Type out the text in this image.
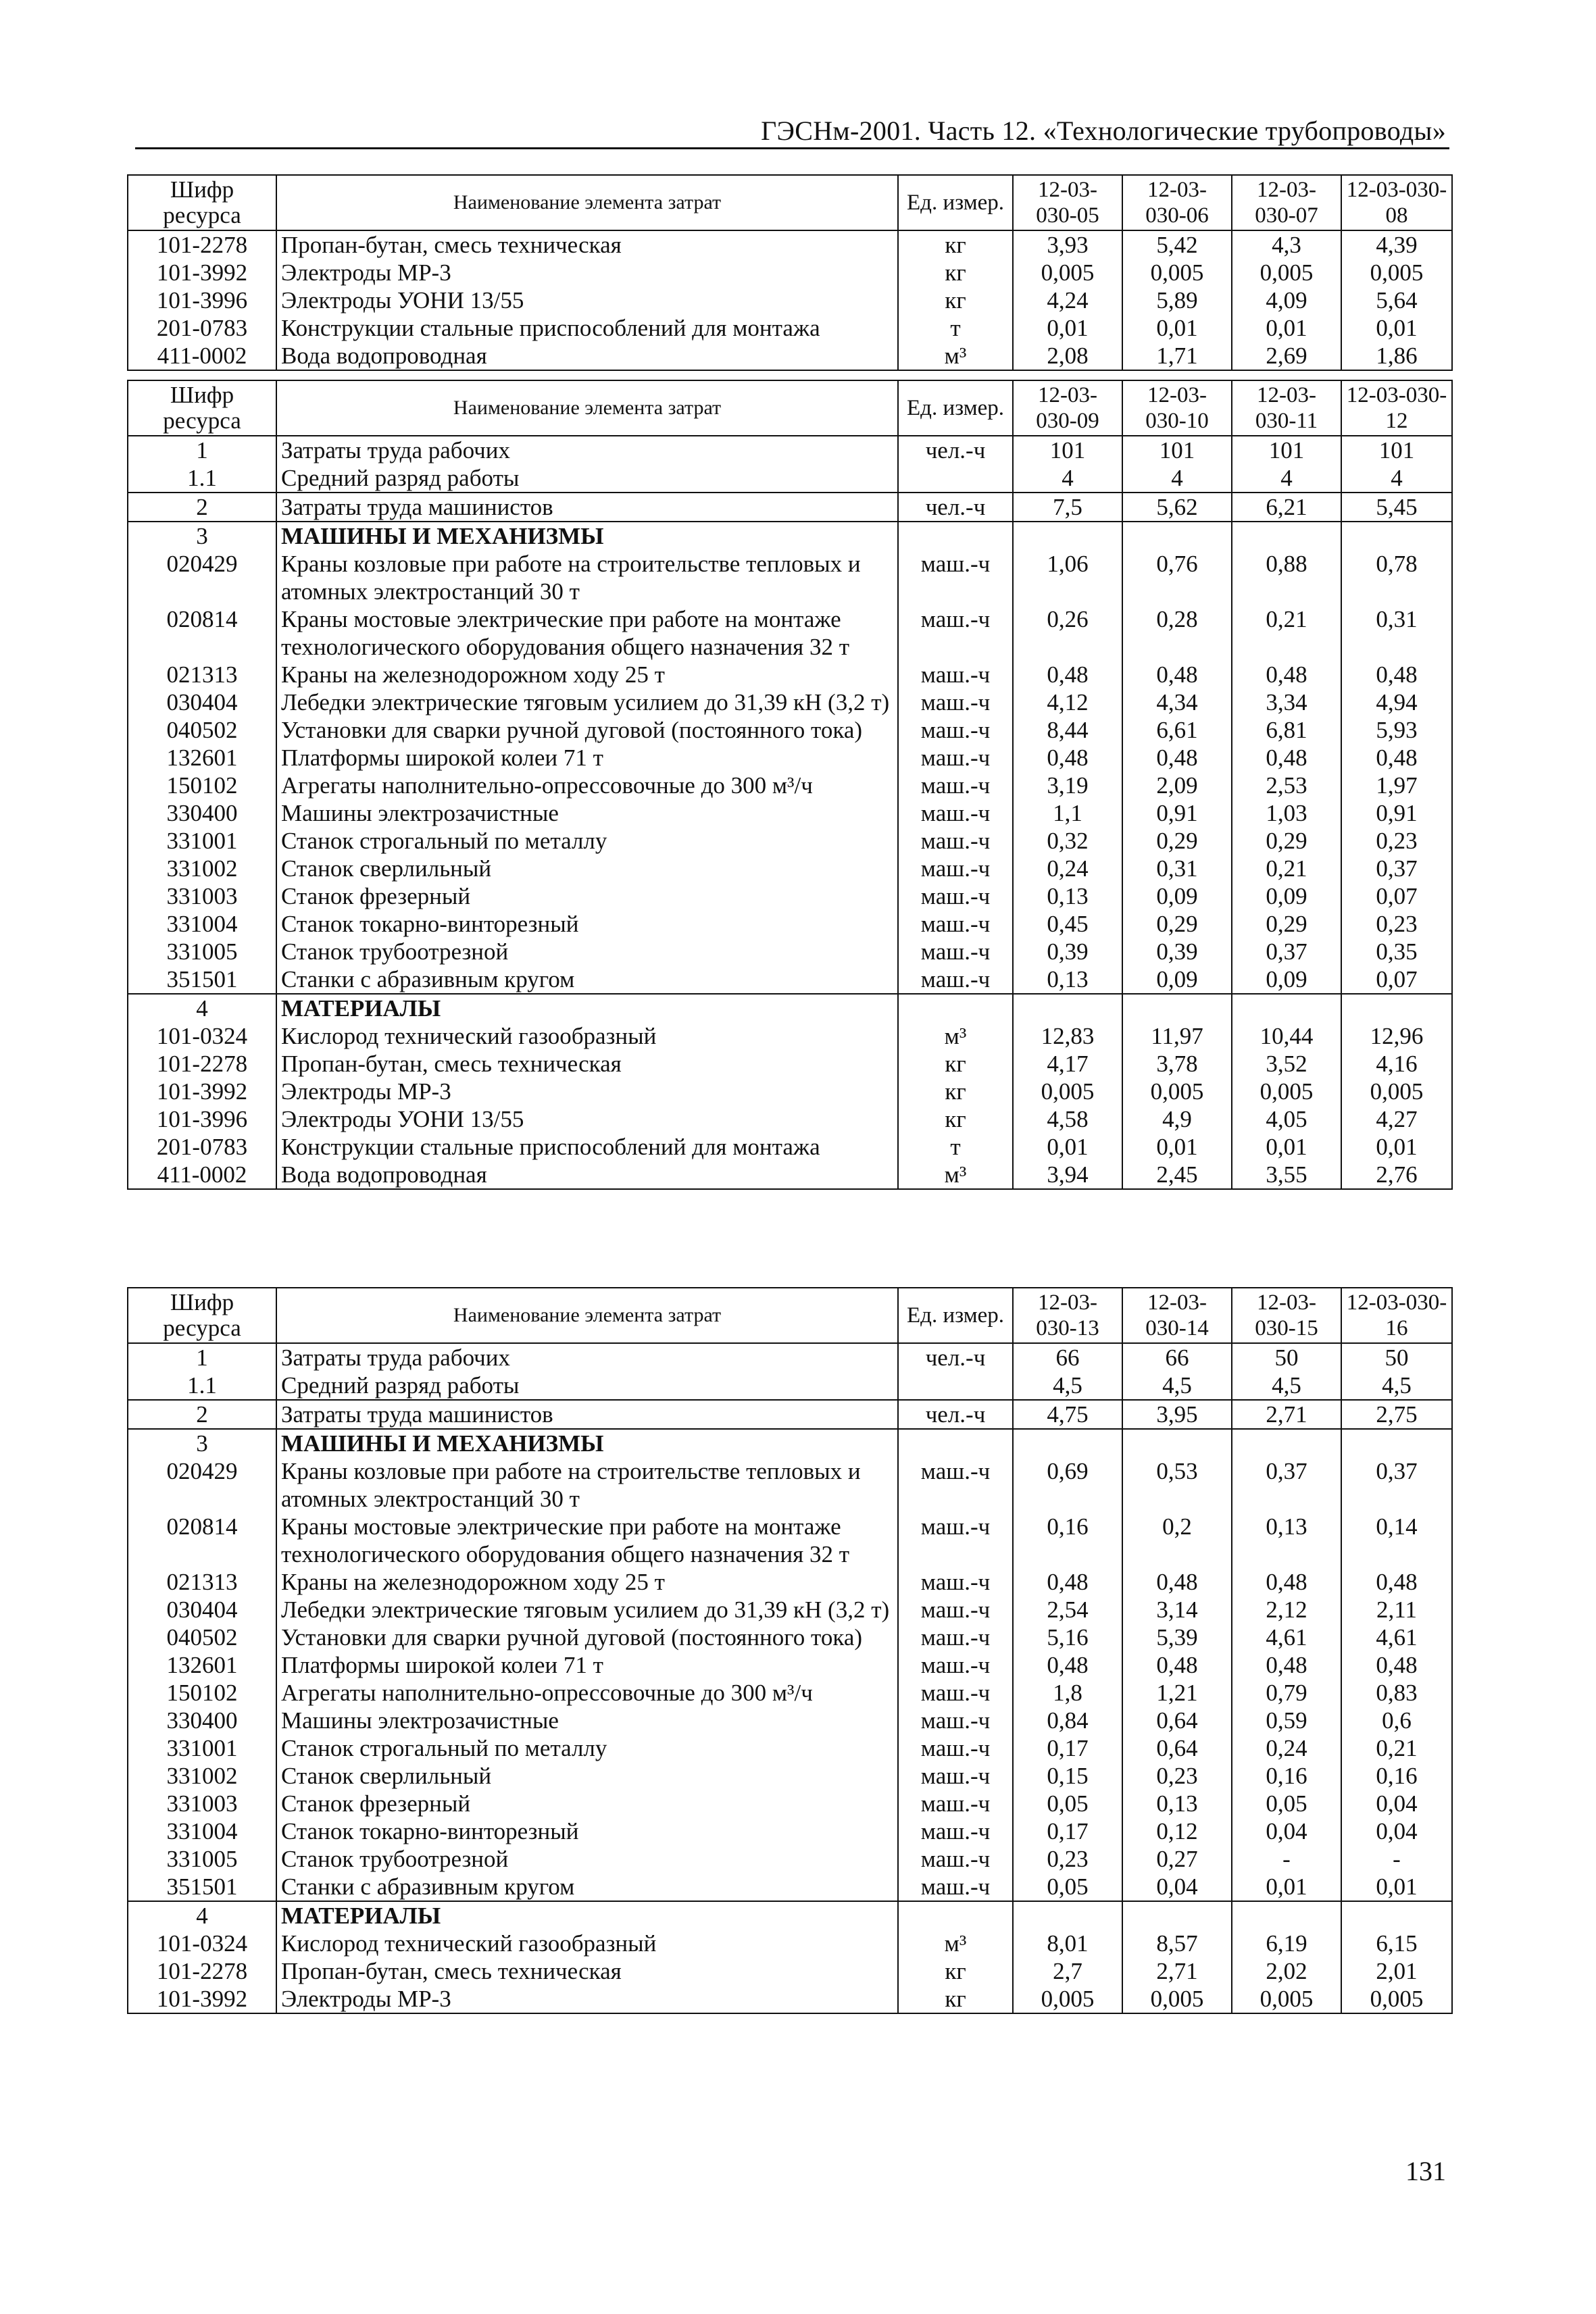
ГЭСНм-2001. Часть 12. «Технологические трубопроводы»
Шифр ресурса	Наименование элемента затрат	Ед. измер.	12-03-030-05	12-03-030-06	12-03-030-07	12-03-030-08
101-2278	Пропан-бутан, смесь техническая	кг	3,93	5,42	4,3	4,39
101-3992	Электроды МР-3	кг	0,005	0,005	0,005	0,005
101-3996	Электроды УОНИ 13/55	кг	4,24	5,89	4,09	5,64
201-0783	Конструкции стальные приспособлений для монтажа	т	0,01	0,01	0,01	0,01
411-0002	Вода водопроводная	м³	2,08	1,71	2,69	1,86
Шифр ресурса	Наименование элемента затрат	Ед. измер.	12-03-030-09	12-03-030-10	12-03-030-11	12-03-030-12
1	Затраты труда рабочих	чел.-ч	101	101	101	101
1.1	Средний разряд работы		4	4	4	4
2	Затраты труда машинистов	чел.-ч	7,5	5,62	6,21	5,45
3	МАШИНЫ И МЕХАНИЗМЫ					
020429	Краны козловые при работе на строительстве тепловых и атомных электростанций 30 т	маш.-ч	1,06	0,76	0,88	0,78
020814	Краны мостовые электрические при работе на монтаже технологического оборудования общего назначения 32 т	маш.-ч	0,26	0,28	0,21	0,31
021313	Краны на железнодорожном ходу 25 т	маш.-ч	0,48	0,48	0,48	0,48
030404	Лебедки электрические тяговым усилием до 31,39 кН (3,2 т)	маш.-ч	4,12	4,34	3,34	4,94
040502	Установки для сварки ручной дуговой (постоянного тока)	маш.-ч	8,44	6,61	6,81	5,93
132601	Платформы широкой колеи 71 т	маш.-ч	0,48	0,48	0,48	0,48
150102	Агрегаты наполнительно-опрессовочные до 300 м³/ч	маш.-ч	3,19	2,09	2,53	1,97
330400	Машины электрозачистные	маш.-ч	1,1	0,91	1,03	0,91
331001	Станок строгальный по металлу	маш.-ч	0,32	0,29	0,29	0,23
331002	Станок сверлильный	маш.-ч	0,24	0,31	0,21	0,37
331003	Станок фрезерный	маш.-ч	0,13	0,09	0,09	0,07
331004	Станок токарно-винторезный	маш.-ч	0,45	0,29	0,29	0,23
331005	Станок трубоотрезной	маш.-ч	0,39	0,39	0,37	0,35
351501	Станки с абразивным кругом	маш.-ч	0,13	0,09	0,09	0,07
4	МАТЕРИАЛЫ					
101-0324	Кислород технический газообразный	м³	12,83	11,97	10,44	12,96
101-2278	Пропан-бутан, смесь техническая	кг	4,17	3,78	3,52	4,16
101-3992	Электроды МР-3	кг	0,005	0,005	0,005	0,005
101-3996	Электроды УОНИ 13/55	кг	4,58	4,9	4,05	4,27
201-0783	Конструкции стальные приспособлений для монтажа	т	0,01	0,01	0,01	0,01
411-0002	Вода водопроводная	м³	3,94	2,45	3,55	2,76
Шифр ресурса	Наименование элемента затрат	Ед. измер.	12-03-030-13	12-03-030-14	12-03-030-15	12-03-030-16
1	Затраты труда рабочих	чел.-ч	66	66	50	50
1.1	Средний разряд работы		4,5	4,5	4,5	4,5
2	Затраты труда машинистов	чел.-ч	4,75	3,95	2,71	2,75
3	МАШИНЫ И МЕХАНИЗМЫ					
020429	Краны козловые при работе на строительстве тепловых и атомных электростанций 30 т	маш.-ч	0,69	0,53	0,37	0,37
020814	Краны мостовые электрические при работе на монтаже технологического оборудования общего назначения 32 т	маш.-ч	0,16	0,2	0,13	0,14
021313	Краны на железнодорожном ходу 25 т	маш.-ч	0,48	0,48	0,48	0,48
030404	Лебедки электрические тяговым усилием до 31,39 кН (3,2 т)	маш.-ч	2,54	3,14	2,12	2,11
040502	Установки для сварки ручной дуговой (постоянного тока)	маш.-ч	5,16	5,39	4,61	4,61
132601	Платформы широкой колеи 71 т	маш.-ч	0,48	0,48	0,48	0,48
150102	Агрегаты наполнительно-опрессовочные до 300 м³/ч	маш.-ч	1,8	1,21	0,79	0,83
330400	Машины электрозачистные	маш.-ч	0,84	0,64	0,59	0,6
331001	Станок строгальный по металлу	маш.-ч	0,17	0,64	0,24	0,21
331002	Станок сверлильный	маш.-ч	0,15	0,23	0,16	0,16
331003	Станок фрезерный	маш.-ч	0,05	0,13	0,05	0,04
331004	Станок токарно-винторезный	маш.-ч	0,17	0,12	0,04	0,04
331005	Станок трубоотрезной	маш.-ч	0,23	0,27	-	-
351501	Станки с абразивным кругом	маш.-ч	0,05	0,04	0,01	0,01
4	МАТЕРИАЛЫ					
101-0324	Кислород технический газообразный	м³	8,01	8,57	6,19	6,15
101-2278	Пропан-бутан, смесь техническая	кг	2,7	2,71	2,02	2,01
101-3992	Электроды МР-3	кг	0,005	0,005	0,005	0,005
131
